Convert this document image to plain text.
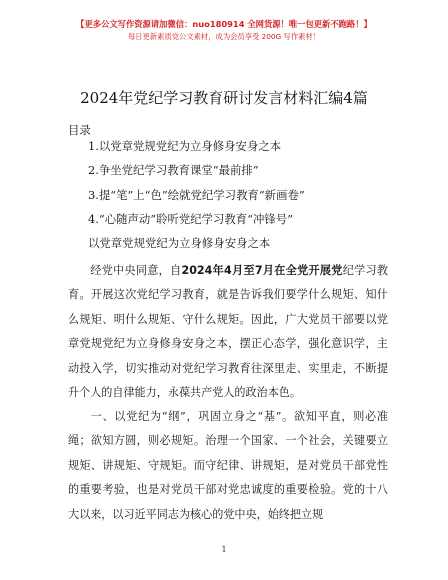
【更多公文写作资源请加微信：nuo180914 全网货源！唯一包更新不跑路！】
每日更新素质党公文素材，成为会员享受 200G 写作素材！
2024年党纪学习教育研讨发言材料汇编4篇
目录
1.以党章党规党纪为立身修身安身之本
2.争坐党纪学习教育课堂“最前排”
3.提“笔”上“色”绘就党纪学习教育“新画卷”
4.“心随声动”聆听党纪学习教育“冲锋号”
以党章党规党纪为立身修身安身之本
经党中央同意，自2024年4月至7月在全党开展党纪学习教育。开展这次党纪学习教育，就是告诉我们要学什么规矩、知什么规矩、明什么规矩、守什么规矩。因此，广大党员干部要以党章党规党纪为立身修身安身之本，摆正心态学，强化意识学，主动投入学，切实推动对党纪学习教育往深里走、实里走，不断提升个人的自律能力，永葆共产党人的政治本色。
一、以党纪为“纲”，巩固立身之“基”。欲知平直，则必准绳；欲知方圆，则必规矩。治理一个国家、一个社会，关键要立规矩、讲规矩、守规矩。而守纪律、讲规矩，是对党员干部党性的重要考验，也是对党员干部对党忠诚度的重要检验。党的十八大以来，以习近平同志为核心的党中央，始终把立规
1
